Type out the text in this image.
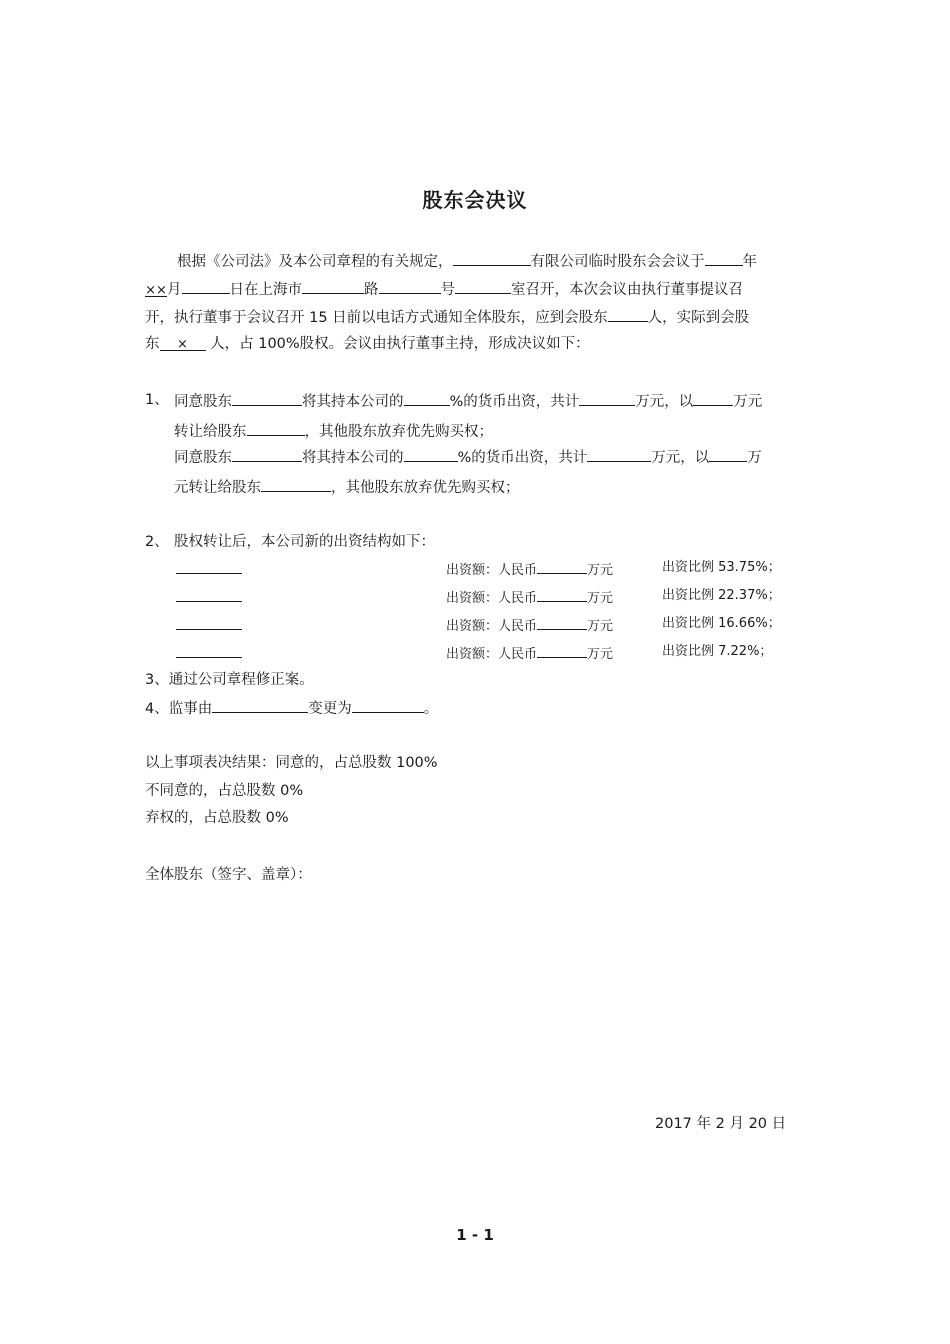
股东会决议
根据《公司法》及本公司章程的有关规定，	有限公司临时股东会会议于	年
××月	日在上海市	路	号	室召开，本次会议由执行董事提议召
开，执行董事于会议召开 15 日前以电话方式通知全体股东，应到会股东	人，实际到会股
东 × 人，占 100%股权。会议由执行董事主持，形成决议如下：
1、 同意股东	将其持本公司的	%的货币出资，共计	万元，以	万元
转让给股东	，其他股东放弃优先购买权；
同意股东	将其持本公司的	%的货币出资，共计	万元，以	万
元转让给股东	，其他股东放弃优先购买权；
2、 股权转让后，本公司新的出资结构如下：
出资额：人民币	万元	出资比例 53.75%；
出资额：人民币	万元	出资比例 22.37%；
出资额：人民币	万元	出资比例 16.66%；
出资额：人民币	万元	出资比例 7.22%；
3、通过公司章程修正案。
4、监事由	变更为	。
以上事项表决结果：同意的，占总股数 100%
不同意的，占总股数 0%
弃权的，占总股数 0%
全体股东（签字、盖章）：
2017 年 2 月 20 日
1 - 1
